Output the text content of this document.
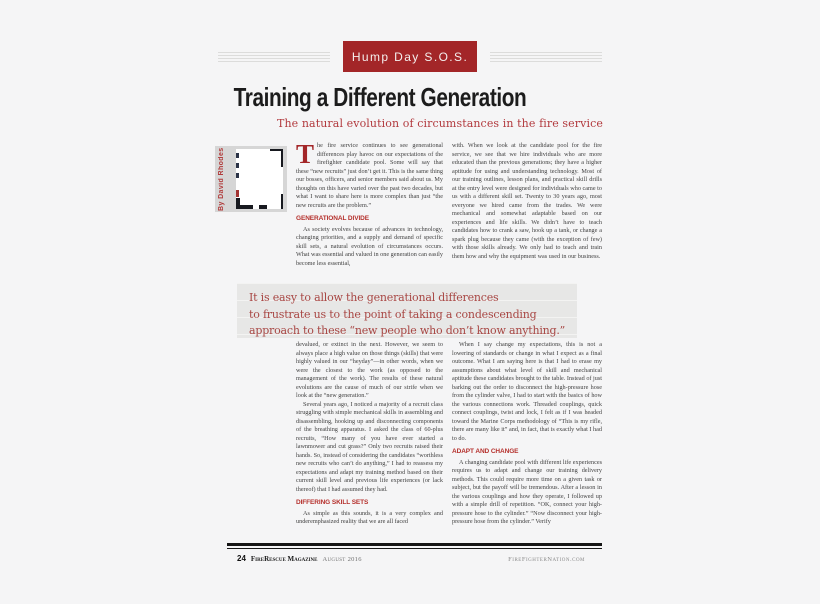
Hump Day S.O.S.
Training a Different Generation
The natural evolution of circumstances in the fire service
By David Rhodes	The fire service continues to see generational differences play havoc on our expectations of the firefighter candidate pool. Some will say that these “new recruits” just don’t get it. This is the same thing our bosses, officers, and senior members said about us. My thoughts on this have varied over the past two decades, but what I want to share here is more complex than just “the new recruits are the problem.”

GENERATIONAL DIVIDE

As society evolves because of advances in technology, changing priorities, and a supply and demand of specific skill sets, a natural evolution of circumstances occurs. What was essential and valued in one generation can easily become less essential,

with. When we look at the candidate pool for the fire service, we see that we hire individuals who are more educated than the previous generations; they have a higher aptitude for using and understanding technology. Most of our training outlines, lesson plans, and practical skill drills at the entry level were designed for individuals who came to us with a different skill set. Twenty to 30 years ago, most everyone we hired came from the trades. We were mechanical and somewhat adaptable based on our experiences and life skills. We didn’t have to teach candidates how to crank a saw, hook up a tank, or change a spark plug because they came (with the exception of few) with those skills already. We only had to teach and train them how and why the equipment was used in our business.

It is easy to allow the generational differences
to frustrate us to the point of taking a condescending
approach to these “new people who don’t know anything.”

devalued, or extinct in the next. However, we seem to always place a high value on those things (skills) that were highly valued in our “heyday”—in other words, when we were the closest to the work (as opposed to the management of the work). The results of these natural evolutions are the cause of much of our strife when we look at the “new generation.”

Several years ago, I noticed a majority of a recruit class struggling with simple mechanical skills in assembling and disassembling, hooking up and disconnecting components of the breathing apparatus. I asked the class of 60-plus recruits, “How many of you have ever started a lawnmower and cut grass?” Only two recruits raised their hands. So, instead of considering the candidates “worthless new recruits who can’t do anything,” I had to reassess my expectations and adapt my training method based on their current skill level and previous life experiences (or lack thereof) that I had assumed they had.

DIFFERING SKILL SETS

As simple as this sounds, it is a very complex and underemphasized reality that we are all faced

When I say change my expectations, this is not a lowering of standards or change in what I expect as a final outcome. What I am saying here is that I had to erase my assumptions about what level of skill and mechanical aptitude these candidates brought to the table. Instead of just barking out the order to disconnect the high-pressure hose from the cylinder valve, I had to start with the basics of how the various connections work. Threaded couplings, quick connect couplings, twist and lock, I felt as if I was headed toward the Marine Corps methodology of “This is my rifle, there are many like it” and, in fact, that is exactly what I had to do.

ADAPT AND CHANGE

A changing candidate pool with different life experiences requires us to adapt and change our training delivery methods. This could require more time on a given task or subject, but the payoff will be tremendous. After a lesson in the various couplings and how they operate, I followed up with a simple drill of repetition. “OK, connect your high-pressure hose to the cylinder.” “Now disconnect your high-pressure hose from the cylinder.” Verify

24 FireRescue Magazine August 2016	FireFighterNation.com
